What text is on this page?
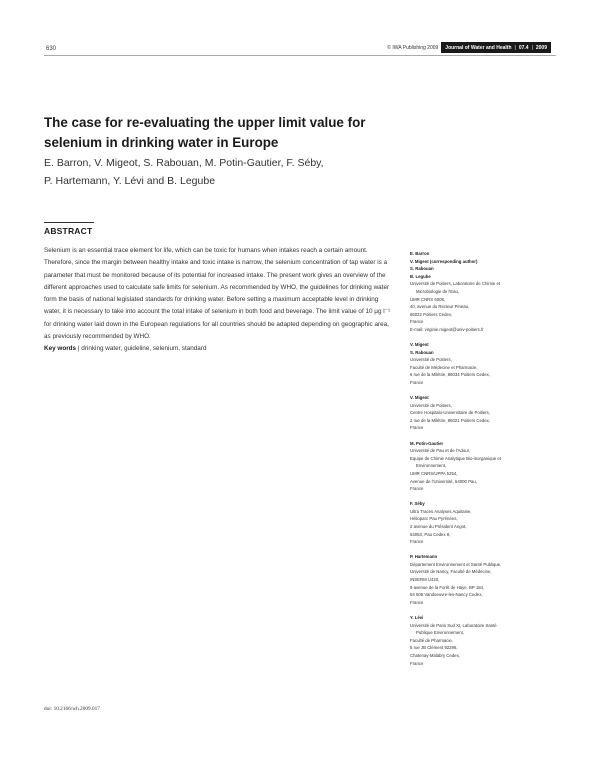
630	© IWA Publishing 2009	Journal of Water and Health | 07.4 | 2009
The case for re-evaluating the upper limit value for selenium in drinking water in Europe
E. Barron, V. Migeot, S. Rabouan, M. Potin-Gautier, F. Séby,
P. Hartemann, Y. Lévi and B. Legube
ABSTRACT

Selenium is an essential trace element for life, which can be toxic for humans when intakes reach a certain amount. Therefore, since the margin between healthy intake and toxic intake is narrow, the selenium concentration of tap water is a parameter that must be monitored because of its potential for increased intake. The present work gives an overview of the different approaches used to calculate safe limits for selenium. As recommended by WHO, the guidelines for drinking water form the basis of national legislated standards for drinking water. Before setting a maximum acceptable level in drinking water, it is necessary to take into account the total intake of selenium in both food and beverage. The limit value of 10 μg l⁻¹ for drinking water laid down in the European regulations for all countries should be adapted depending on geographic area, as previously recommended by WHO.

Key words | drinking water, guideline, selenium, standard

E. Barron
V. Migeot (corresponding author)
S. Rabouan
B. Legube
Université de Poitiers, Laboratoire de Chimie et
Microbiologie de l'Eau,
UMR CNRS 6008,
40, avenue du Recteur Pineau,
86022 Poitiers Cedex,
France
E-mail: virginie.migeot@univ-poitiers.fr
V. Migeot
S. Rabouan
Université de Poitiers,
Faculté de Médecine et Pharmacie,
6 rue de la Milétrie, 86034 Poitiers Cedex,
France
V. Migeot
Université de Poitiers,
Centre Hospitalo-Universitaire de Poitiers,
2 rue de la Milétrie, 86021 Poitiers Cedex,
France
M. Potin-Gautier
Université de Pau et de l'Adour,
Equipe de Chimie Analytique Bio-inorganique et
Environnement,
UMR CNRS/UPPA 5254,
Avenue de l'Université, 64000 Pau,
France
F. Séby
Ultra Traces Analyses Aquitaine,
Hélioparc Pau Pyrénées,
2 avenue du Président Angot,
64053, Pau Cedex 9,
France
P. Hartemann
Département Environnement et Santé Publique,
Université de Nancy, Faculté de Médecine,
INSERM U420,
9 avenue de la Forêt de Haye, BP 184,
54 505 Vandoeuvre-les-Nancy Cedex,
France
Y. Lévi
Université de Paris Sud XI, Laboratoire Santé
Publique Environnement,
Faculté de Pharmacie,
5 rue JB Clément 92296,
Chatenay-Malabry Cedex,
France
doi: 10.2166/wh.2009.017
